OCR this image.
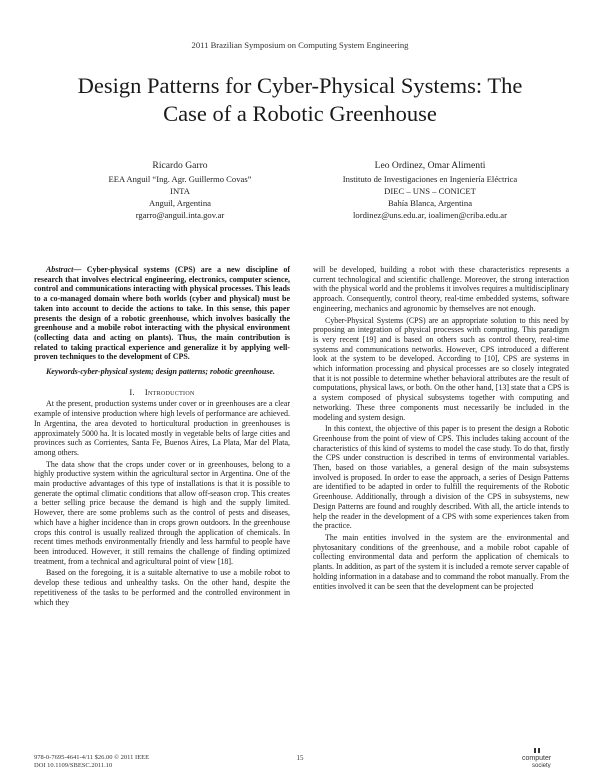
2011 Brazilian Symposium on Computing System Engineering
Design Patterns for Cyber-Physical Systems: The
Case of a Robotic Greenhouse
Ricardo Garro
EEA Anguil “Ing. Agr. Guillermo Covas”
INTA
Anguil, Argentina
rgarro@anguil.inta.gov.ar
Leo Ordinez, Omar Alimenti
Instituto de Investigaciones en Ingeniería Eléctrica
DIEC – UNS – CONICET
Bahía Blanca, Argentina
lordinez@uns.edu.ar, ioalimen@criba.edu.ar

Abstract— Cyber-physical systems (CPS) are a new discipline of research that involves electrical engineering, electronics, computer science, control and communications interacting with physical processes. This leads to a co-managed domain where both worlds (cyber and physical) must be taken into account to decide the actions to take. In this sense, this paper presents the design of a robotic greenhouse, which involves basically the greenhouse and a mobile robot interacting with the physical environment (collecting data and acting on plants). Thus, the main contribution is related to taking practical experience and generalize it by applying well-proven techniques to the development of CPS.

Keywords-cyber-physical system; design patterns; robotic greenhouse.

I. Introduction

At the present, production systems under cover or in greenhouses are a clear example of intensive production where high levels of performance are achieved. In Argentina, the area devoted to horticultural production in greenhouses is approximately 5000 ha. It is located mostly in vegetable belts of large cities and provinces such as Corrientes, Santa Fe, Buenos Aires, La Plata, Mar del Plata, among others.

The data show that the crops under cover or in greenhouses, belong to a highly productive system within the agricultural sector in Argentina. One of the main productive advantages of this type of installations is that it is possible to generate the optimal climatic conditions that allow off-season crop. This creates a better selling price because the demand is high and the supply limited. However, there are some problems such as the control of pests and diseases, which have a higher incidence than in crops grown outdoors. In the greenhouse crops this control is usually realized through the application of chemicals. In recent times methods environmentally friendly and less harmful to people have been introduced. However, it still remains the challenge of finding optimized treatment, from a technical and agricultural point of view [18].

Based on the foregoing, it is a suitable alternative to use a mobile robot to develop these tedious and unhealthy tasks. On the other hand, despite the repetitiveness of the tasks to be performed and the controlled environment in which they

will be developed, building a robot with these characteristics represents a current technological and scientific challenge. Moreover, the strong interaction with the physical world and the problems it involves requires a multidisciplinary approach. Consequently, control theory, real-time embedded systems, software engineering, mechanics and agronomic by themselves are not enough.

Cyber-Physical Systems (CPS) are an appropriate solution to this need by proposing an integration of physical processes with computing. This paradigm is very recent [19] and is based on others such as control theory, real-time systems and communications networks. However, CPS introduced a different look at the system to be developed. According to [10], CPS are systems in which information processing and physical processes are so closely integrated that it is not possible to determine whether behavioral attributes are the result of computations, physical laws, or both. On the other hand, [13] state that a CPS is a system composed of physical subsystems together with computing and networking. These three components must necessarily be included in the modeling and system design.

In this context, the objective of this paper is to present the design a Robotic Greenhouse from the point of view of CPS. This includes taking account of the characteristics of this kind of systems to model the case study. To do that, firstly the CPS under construction is described in terms of environmental variables. Then, based on those variables, a general design of the main subsystems involved is proposed. In order to ease the approach, a series of Design Patterns are identified to be adapted in order to fulfill the requirements of the Robotic Greenhouse. Additionally, through a division of the CPS in subsystems, new Design Patterns are found and roughly described. With all, the article intends to help the reader in the development of a CPS with some experiences taken from the practice.

The main entities involved in the system are the environmental and phytosanitary conditions of the greenhouse, and a mobile robot capable of collecting environmental data and perform the application of chemicals to plants. In addition, as part of the system it is included a remote server capable of holding information in a database and to command the robot manually. From the entities involved it can be seen that the development can be projected

978-0-7695-4641-4/11 $26.00 © 2011 IEEE
DOI 10.1109/SBESC.2011.10
15	computer
society
